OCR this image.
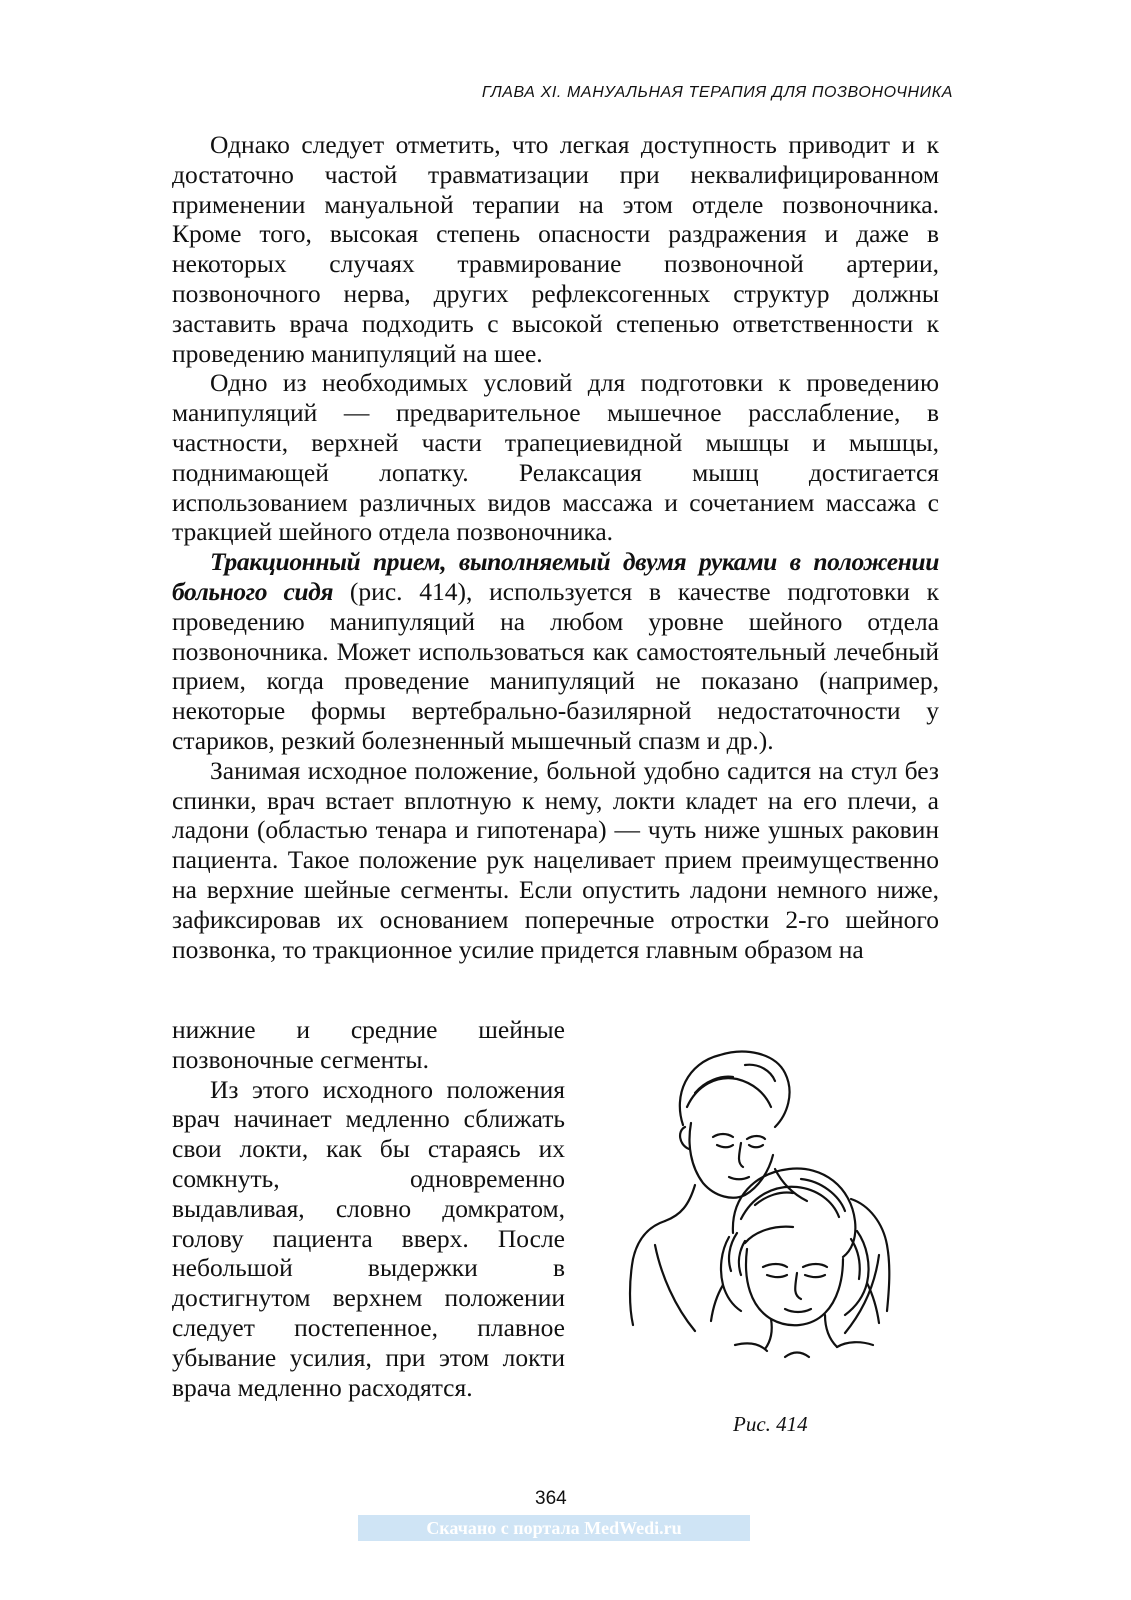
ГЛАВА XI. МАНУАЛЬНАЯ ТЕРАПИЯ ДЛЯ ПОЗВОНОЧНИКА

Однако следует отметить, что легкая доступность приводит и к достаточно частой травматизации при неквалифицированном применении мануальной терапии на этом отделе позвоночника. Кроме того, высокая степень опасности раздражения и даже в некоторых случаях травмирование позвоночной артерии, позвоночного нерва, других рефлексогенных структур должны заставить врача подходить с высокой степенью ответственности к проведению манипуляций на шее.

Одно из необходимых условий для подготовки к проведению манипуляций — предварительное мышечное расслабление, в частности, верхней части трапециевидной мышцы и мышцы, поднимающей лопатку. Релаксация мышц достигается использованием различных видов массажа и сочетанием массажа с тракцией шейного отдела позвоночника.

Тракционный прием, выполняемый двумя руками в положении больного сидя (рис. 414), используется в качестве подготовки к проведению манипуляций на любом уровне шейного отдела позвоночника. Может использоваться как самостоятельный лечебный прием, когда проведение манипуляций не показано (например, некоторые формы вертебрально-базилярной недостаточности у стариков, резкий болезненный мышечный спазм и др.).

Занимая исходное положение, больной удобно садится на стул без спинки, врач встает вплотную к нему, локти кладет на его плечи, а ладони (областью тенара и гипотенара) — чуть ниже ушных раковин пациента. Такое положение рук нацеливает прием преимущественно на верхние шейные сегменты. Если опустить ладони немного ниже, зафиксировав их основанием поперечные отростки 2-го шейного позвонка, то тракционное усилие придется главным образом на

нижние и средние шейные позвоночные сегменты.

Из этого исходного положения врач начинает медленно сближать свои локти, как бы стараясь их сомкнуть, одновременно выдавливая, словно домкратом, голову пациента вверх. После небольшой выдержки в достигнутом верхнем положении следует постепенное, плавное убывание усилия, при этом локти врача медленно расходятся.

Рис. 414
364
Скачано с портала MedWedi.ru
